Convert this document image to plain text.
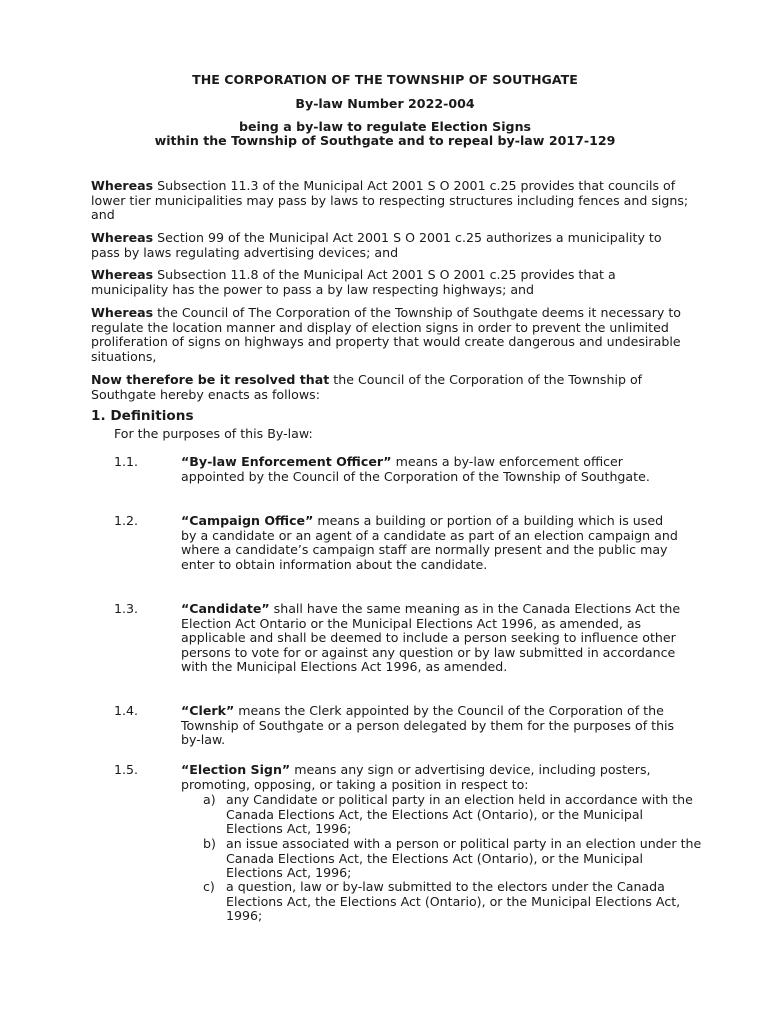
THE CORPORATION OF THE TOWNSHIP OF SOUTHGATE
By-law Number 2022-004
being a by-law to regulate Election Signs
within the Township of Southgate and to repeal by-law 2017-129
Whereas Subsection 11.3 of the Municipal Act 2001 S O 2001 c.25 provides that councils of lower tier municipalities may pass by laws to respecting structures including fences and signs; and
Whereas Section 99 of the Municipal Act 2001 S O 2001 c.25 authorizes a municipality to pass by laws regulating advertising devices; and
Whereas Subsection 11.8 of the Municipal Act 2001 S O 2001 c.25 provides that a municipality has the power to pass a by law respecting highways; and
Whereas the Council of The Corporation of the Township of Southgate deems it necessary to regulate the location manner and display of election signs in order to prevent the unlimited proliferation of signs on highways and property that would create dangerous and undesirable situations,
Now therefore be it resolved that the Council of the Corporation of the Township of Southgate hereby enacts as follows:
1. Definitions
For the purposes of this By-law:
1.1.	“By-law Enforcement Officer” means a by-law enforcement officer appointed by the Council of the Corporation of the Township of Southgate.
1.2.	“Campaign Office” means a building or portion of a building which is used by a candidate or an agent of a candidate as part of an election campaign and where a candidate’s campaign staff are normally present and the public may enter to obtain information about the candidate.
1.3.	“Candidate” shall have the same meaning as in the Canada Elections Act the Election Act Ontario or the Municipal Elections Act 1996, as amended, as applicable and shall be deemed to include a person seeking to influence other persons to vote for or against any question or by law submitted in accordance with the Municipal Elections Act 1996, as amended.
1.4.	“Clerk” means the Clerk appointed by the Council of the Corporation of the Township of Southgate or a person delegated by them for the purposes of this by-law.
1.5.	“Election Sign” means any sign or advertising device, including posters, promoting, opposing, or taking a position in respect to:
a) any Candidate or political party in an election held in accordance with the Canada Elections Act, the Elections Act (Ontario), or the Municipal Elections Act, 1996;
b) an issue associated with a person or political party in an election under the Canada Elections Act, the Elections Act (Ontario), or the Municipal Elections Act, 1996;
c) a question, law or by-law submitted to the electors under the Canada Elections Act, the Elections Act (Ontario), or the Municipal Elections Act, 1996;
